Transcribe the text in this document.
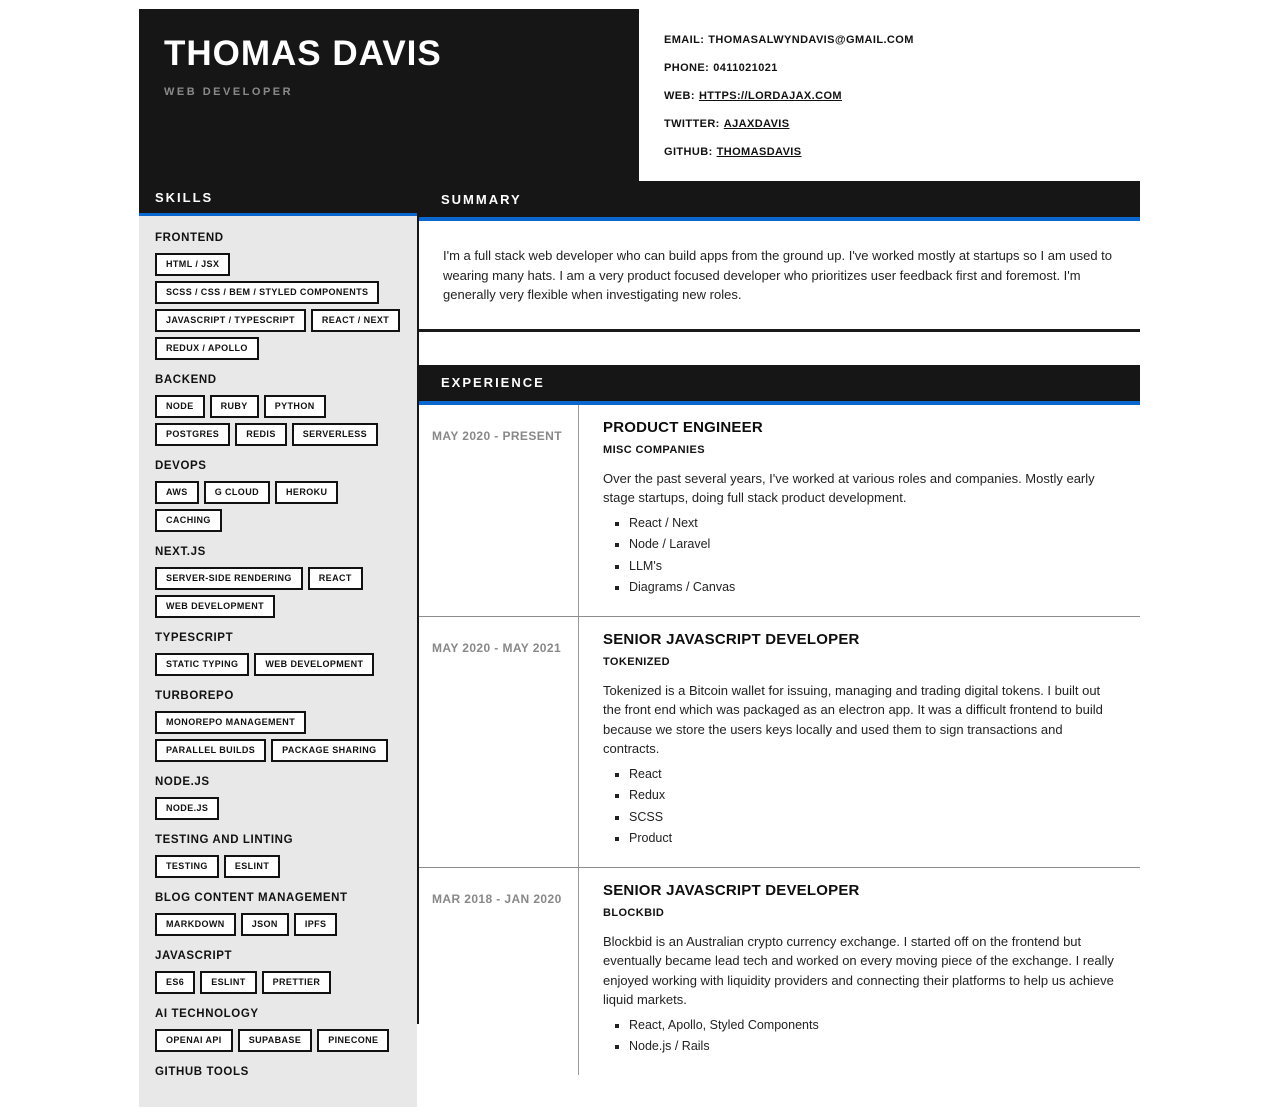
THOMAS DAVIS
WEB DEVELOPER
EMAIL: THOMASALWYNDAVIS@GMAIL.COM
PHONE: 0411021021
WEB: HTTPS://LORDAJAX.COM
TWITTER: AJAXDAVIS
GITHUB: THOMASDAVIS
SKILLS
FRONTEND
HTML / JSX
SCSS / CSS / BEM / STYLED COMPONENTS
JAVASCRIPT / TYPESCRIPT	REACT / NEXT
REDUX / APOLLO
BACKEND
NODE	RUBY	PYTHON
POSTGRES	REDIS	SERVERLESS
DEVOPS
AWS	G CLOUD	HEROKU
CACHING
NEXT.JS
SERVER-SIDE RENDERING	REACT
WEB DEVELOPMENT
TYPESCRIPT
STATIC TYPING	WEB DEVELOPMENT
TURBOREPO
MONOREPO MANAGEMENT
PARALLEL BUILDS	PACKAGE SHARING
NODE.JS
NODE.JS
TESTING AND LINTING
TESTING	ESLINT
BLOG CONTENT MANAGEMENT
MARKDOWN	JSON	IPFS
JAVASCRIPT
ES6	ESLINT	PRETTIER
AI TECHNOLOGY
OPENAI API	SUPABASE	PINECONE
GITHUB TOOLS
SUMMARY
I'm a full stack web developer who can build apps from the ground up. I've worked mostly at startups so I am used to wearing many hats. I am a very product focused developer who prioritizes user feedback first and foremost. I'm generally very flexible when investigating new roles.
EXPERIENCE
MAY 2020 - PRESENT	PRODUCT ENGINEER
MISC COMPANIES
Over the past several years, I've worked at various roles and companies. Mostly early stage startups, doing full stack product development.
▪ React / Next
▪ Node / Laravel
▪ LLM's
▪ Diagrams / Canvas
MAY 2020 - MAY 2021	SENIOR JAVASCRIPT DEVELOPER
TOKENIZED
Tokenized is a Bitcoin wallet for issuing, managing and trading digital tokens. I built out the front end which was packaged as an electron app. It was a difficult frontend to build because we store the users keys locally and used them to sign transactions and contracts.
▪ React
▪ Redux
▪ SCSS
▪ Product
MAR 2018 - JAN 2020	SENIOR JAVASCRIPT DEVELOPER
BLOCKBID
Blockbid is an Australian crypto currency exchange. I started off on the frontend but eventually became lead tech and worked on every moving piece of the exchange. I really enjoyed working with liquidity providers and connecting their platforms to help us achieve liquid markets.
▪ React, Apollo, Styled Components
▪ Node.js / Rails
